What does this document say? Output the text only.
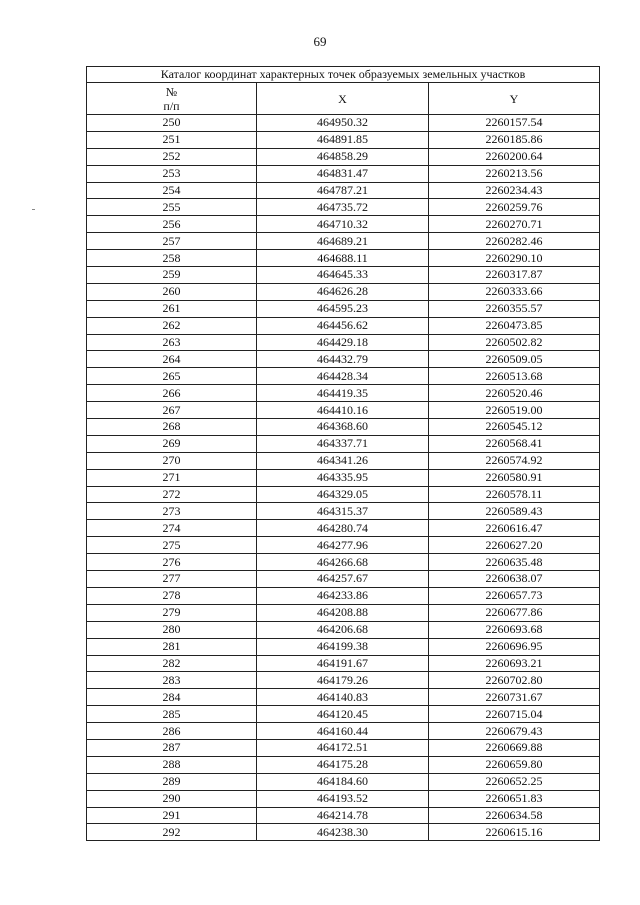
69
Каталог координат характерных точек образуемых земельных участков		
№
п/п	X	Y
250	464950.32	2260157.54
251	464891.85	2260185.86
252	464858.29	2260200.64
253	464831.47	2260213.56
254	464787.21	2260234.43
255	464735.72	2260259.76
256	464710.32	2260270.71
257	464689.21	2260282.46
258	464688.11	2260290.10
259	464645.33	2260317.87
260	464626.28	2260333.66
261	464595.23	2260355.57
262	464456.62	2260473.85
263	464429.18	2260502.82
264	464432.79	2260509.05
265	464428.34	2260513.68
266	464419.35	2260520.46
267	464410.16	2260519.00
268	464368.60	2260545.12
269	464337.71	2260568.41
270	464341.26	2260574.92
271	464335.95	2260580.91
272	464329.05	2260578.11
273	464315.37	2260589.43
274	464280.74	2260616.47
275	464277.96	2260627.20
276	464266.68	2260635.48
277	464257.67	2260638.07
278	464233.86	2260657.73
279	464208.88	2260677.86
280	464206.68	2260693.68
281	464199.38	2260696.95
282	464191.67	2260693.21
283	464179.26	2260702.80
284	464140.83	2260731.67
285	464120.45	2260715.04
286	464160.44	2260679.43
287	464172.51	2260669.88
288	464175.28	2260659.80
289	464184.60	2260652.25
290	464193.52	2260651.83
291	464214.78	2260634.58
292	464238.30	2260615.16
